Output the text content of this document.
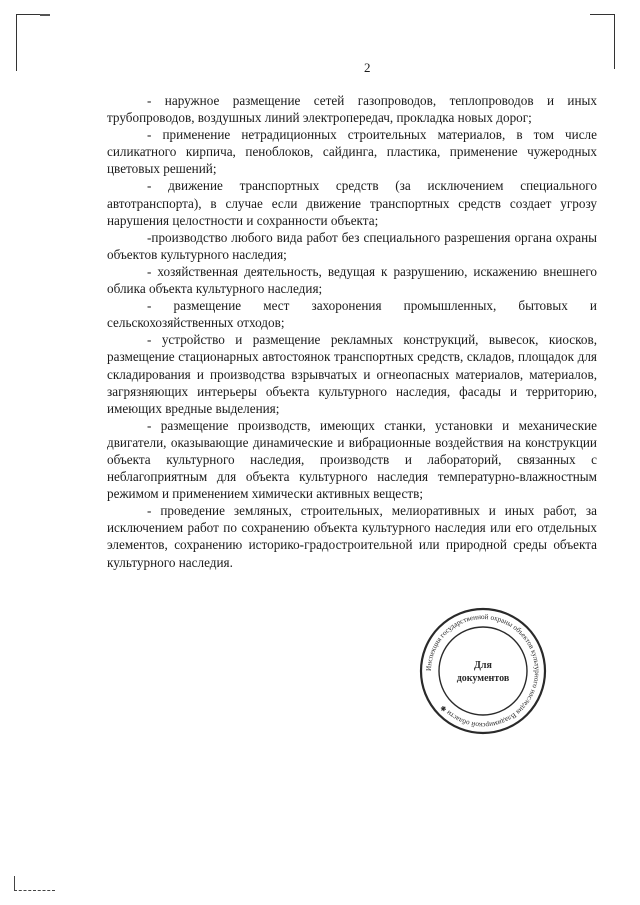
2

- наружное размещение сетей газопроводов, теплопроводов и иных трубопроводов, воздушных линий электропередач, прокладка новых дорог;

- применение нетрадиционных строительных материалов, в том числе силикатного кирпича, пеноблоков, сайдинга, пластика, применение чужеродных цветовых решений;

- движение транспортных средств (за исключением специального автотранспорта), в случае если движение транспортных средств создает угрозу нарушения целостности и сохранности объекта;

-производство любого вида работ без специального разрешения органа охраны объектов культурного наследия;

- хозяйственная деятельность, ведущая к разрушению, искажению внешнего облика объекта культурного наследия;

- размещение мест захоронения промышленных, бытовых и сельскохозяйственных отходов;

- устройство и размещение рекламных конструкций, вывесок, киосков, размещение стационарных автостоянок транспортных средств, складов, площадок для складирования и производства взрывчатых и огнеопасных материалов, материалов, загрязняющих интерьеры объекта культурного наследия, фасады и территорию, имеющих вредные выделения;

- размещение производств, имеющих станки, установки и механические двигатели, оказывающие динамические и вибрационные воздействия на конструкции объекта культурного наследия, производств и лабораторий, связанных с неблагоприятным для объекта культурного наследия температурно-влажностным режимом и применением химически активных веществ;

- проведение земляных, строительных, мелиоративных и иных работ, за исключением работ по сохранению объекта культурного наследия или его отдельных элементов, сохранению историко-градостроительной или природной среды объекта культурного наследия.

Инспекция государственной охраны объектов культурного наследия Владимирской области ✱
Для
документов
